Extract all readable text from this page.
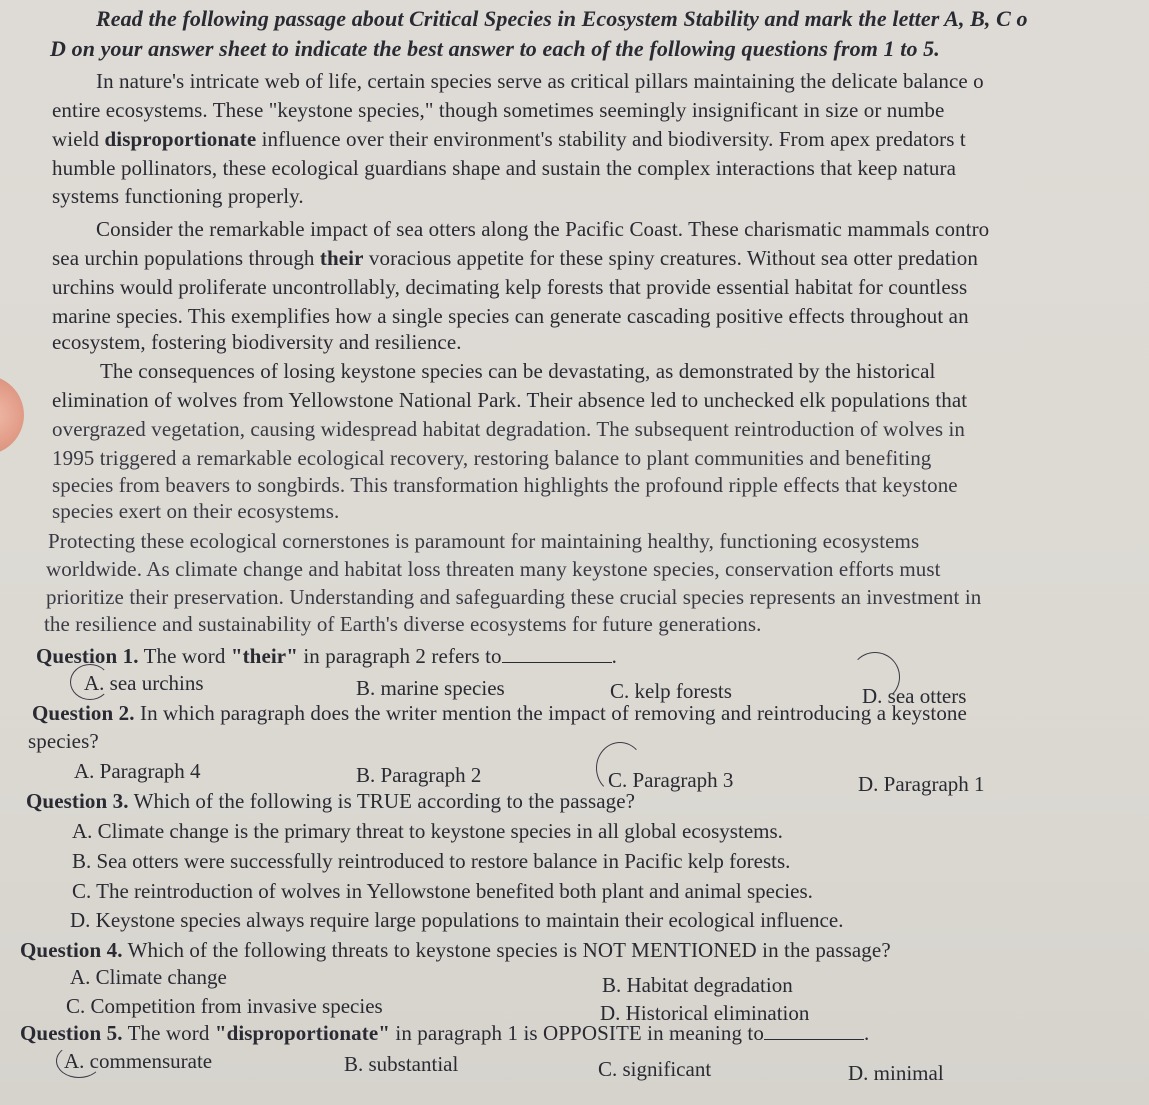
Read the following passage about Critical Species in Ecosystem Stability and mark the letter A, B, C o
D on your answer sheet to indicate the best answer to each of the following questions from 1 to 5.
In nature's intricate web of life, certain species serve as critical pillars maintaining the delicate balance o
entire ecosystems. These "keystone species," though sometimes seemingly insignificant in size or numbe
wield disproportionate influence over their environment's stability and biodiversity. From apex predators t
humble pollinators, these ecological guardians shape and sustain the complex interactions that keep natura
systems functioning properly.
Consider the remarkable impact of sea otters along the Pacific Coast. These charismatic mammals contro
sea urchin populations through their voracious appetite for these spiny creatures. Without sea otter predation
urchins would proliferate uncontrollably, decimating kelp forests that provide essential habitat for countless
marine species. This exemplifies how a single species can generate cascading positive effects throughout an
ecosystem, fostering biodiversity and resilience.
The consequences of losing keystone species can be devastating, as demonstrated by the historical
elimination of wolves from Yellowstone National Park. Their absence led to unchecked elk populations that
overgrazed vegetation, causing widespread habitat degradation. The subsequent reintroduction of wolves in
1995 triggered a remarkable ecological recovery, restoring balance to plant communities and benefiting
species from beavers to songbirds. This transformation highlights the profound ripple effects that keystone
species exert on their ecosystems.
Protecting these ecological cornerstones is paramount for maintaining healthy, functioning ecosystems
worldwide. As climate change and habitat loss threaten many keystone species, conservation efforts must
prioritize their preservation. Understanding and safeguarding these crucial species represents an investment in
the resilience and sustainability of Earth's diverse ecosystems for future generations.
Question 1. The word "their" in paragraph 2 refers to	.
A. sea urchins	B. marine species	C. kelp forests	D. sea otters
Question 2. In which paragraph does the writer mention the impact of removing and reintroducing a keystone
species?
A. Paragraph 4	B. Paragraph 2	C. Paragraph 3	D. Paragraph 1
Question 3. Which of the following is TRUE according to the passage?
A. Climate change is the primary threat to keystone species in all global ecosystems.
B. Sea otters were successfully reintroduced to restore balance in Pacific kelp forests.
C. The reintroduction of wolves in Yellowstone benefited both plant and animal species.
D. Keystone species always require large populations to maintain their ecological influence.
Question 4. Which of the following threats to keystone species is NOT MENTIONED in the passage?
A. Climate change	B. Habitat degradation
C. Competition from invasive species	D. Historical elimination
Question 5. The word "disproportionate" in paragraph 1 is OPPOSITE in meaning to	.
A. commensurate	B. substantial	C. significant	D. minimal
